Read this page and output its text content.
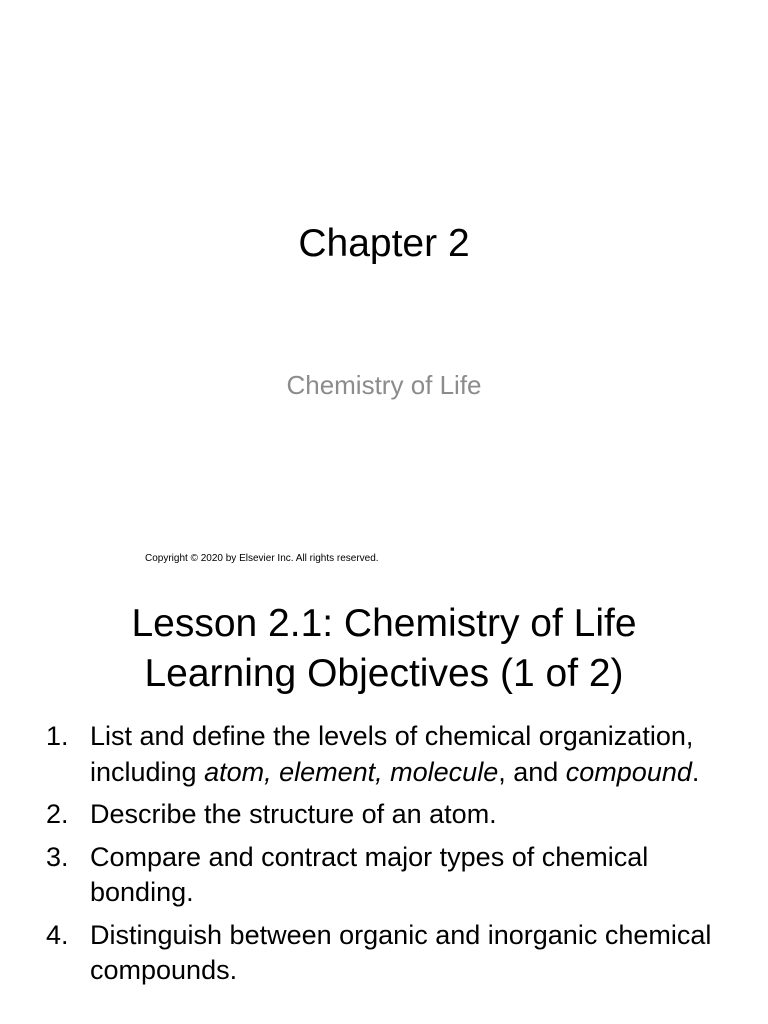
Chapter 2

Chemistry of Life

Copyright © 2020 by Elsevier Inc. All rights reserved.
Lesson 2.1: Chemistry of Life
Learning Objectives (1 of 2)
1. List and define the levels of chemical organization, including atom, element, molecule, and compound.
2. Describe the structure of an atom.
3. Compare and contract major types of chemical bonding.
4. Distinguish between organic and inorganic chemical compounds.
